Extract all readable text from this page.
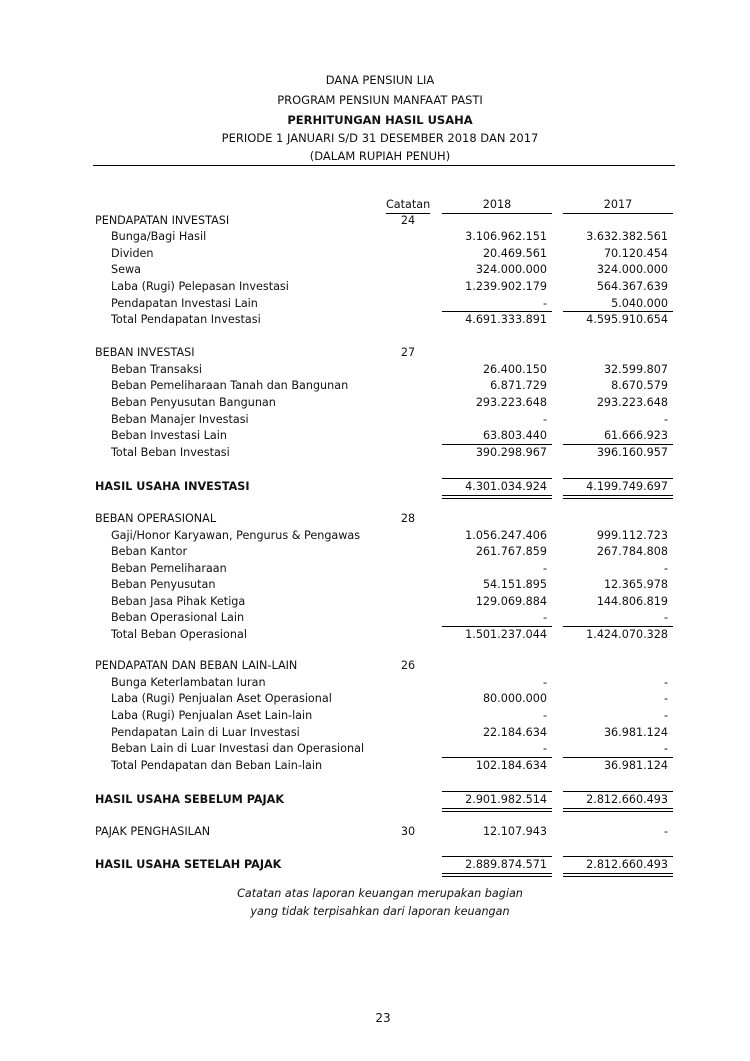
DANA PENSIUN LIA
PROGRAM PENSIUN MANFAAT PASTI
PERHITUNGAN HASIL USAHA
PERIODE 1 JANUARI S/D 31 DESEMBER 2018 DAN 2017
(DALAM RUPIAH PENUH)
Catatan	2018	2017
PENDAPATAN INVESTASI	24
Bunga/Bagi Hasil	3.106.962.151	3.632.382.561
Dividen	20.469.561	70.120.454
Sewa	324.000.000	324.000.000
Laba (Rugi) Pelepasan Investasi	1.239.902.179	564.367.639
Pendapatan Investasi Lain	-	5.040.000
Total Pendapatan Investasi	4.691.333.891	4.595.910.654
BEBAN INVESTASI	27
Beban Transaksi	26.400.150	32.599.807
Beban Pemeliharaan Tanah dan Bangunan	6.871.729	8.670.579
Beban Penyusutan Bangunan	293.223.648	293.223.648
Beban Manajer Investasi	-	-
Beban Investasi Lain	63.803.440	61.666.923
Total Beban Investasi	390.298.967	396.160.957
HASIL USAHA INVESTASI	4.301.034.924	4.199.749.697
BEBAN OPERASIONAL	28
Gaji/Honor Karyawan, Pengurus & Pengawas	1.056.247.406	999.112.723
Beban Kantor	261.767.859	267.784.808
Beban Pemeliharaan	-	-
Beban Penyusutan	54.151.895	12.365.978
Beban Jasa Pihak Ketiga	129.069.884	144.806.819
Beban Operasional Lain	-	-
Total Beban Operasional	1.501.237.044	1.424.070.328
PENDAPATAN DAN BEBAN LAIN-LAIN	26
Bunga Keterlambatan Iuran	-	-
Laba (Rugi) Penjualan Aset Operasional	80.000.000	-
Laba (Rugi) Penjualan Aset Lain-lain	-	-
Pendapatan Lain di Luar Investasi	22.184.634	36.981.124
Beban Lain di Luar Investasi dan Operasional	-	-
Total Pendapatan dan Beban Lain-lain	102.184.634	36.981.124
HASIL USAHA SEBELUM PAJAK	2.901.982.514	2.812.660.493
PAJAK PENGHASILAN	30	12.107.943	-
HASIL USAHA SETELAH PAJAK	2.889.874.571	2.812.660.493
Catatan atas laporan keuangan merupakan bagian
yang tidak terpisahkan dari laporan keuangan
23
